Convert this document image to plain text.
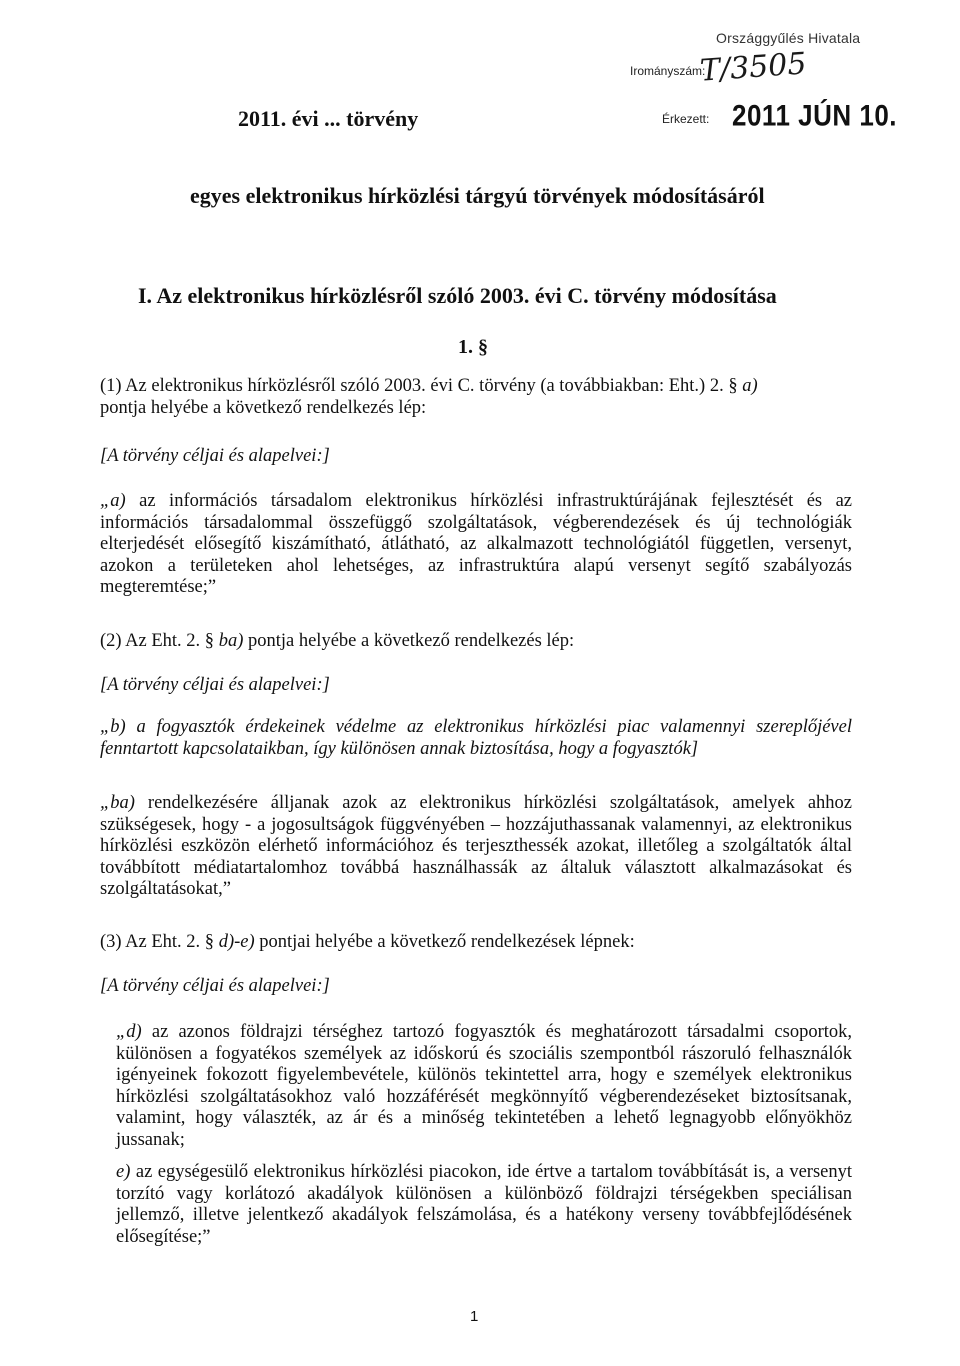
Országgyűlés Hivatala
Irományszám:
T/3505
Érkezett: 2011 JÚN 10.
2011. évi ... törvény
egyes elektronikus hírközlési tárgyú törvények módosításáról
I. Az elektronikus hírközlésről szóló 2003. évi C. törvény módosítása
1. §
(1) Az elektronikus hírközlésről szóló 2003. évi C. törvény (a továbbiakban: Eht.) 2. § a)
pontja helyébe a következő rendelkezés lép:
[A törvény céljai és alapelvei:]
„a) az információs társadalom elektronikus hírközlési infrastruktúrájának fejlesztését és az információs társadalommal összefüggő szolgáltatások, végberendezések és új technológiák elterjedését elősegítő kiszámítható, átlátható, az alkalmazott technológiától független, versenyt, azokon a területeken ahol lehetséges, az infrastruktúra alapú versenyt segítő szabályozás megteremtése;”
(2) Az Eht. 2. § ba) pontja helyébe a következő rendelkezés lép:
[A törvény céljai és alapelvei:]
„b) a fogyasztók érdekeinek védelme az elektronikus hírközlési piac valamennyi szereplőjével fenntartott kapcsolataikban, így különösen annak biztosítása, hogy a fogyasztók]
„ba) rendelkezésére álljanak azok az elektronikus hírközlési szolgáltatások, amelyek ahhoz szükségesek, hogy - a jogosultságok függvényében – hozzájuthassanak valamennyi, az elektronikus hírközlési eszközön elérhető információhoz és terjeszthessék azokat, illetőleg a szolgáltatók által továbbított médiatartalomhoz továbbá használhassák az általuk választott alkalmazásokat és szolgáltatásokat,”
(3) Az Eht. 2. § d)-e) pontjai helyébe a következő rendelkezések lépnek:
[A törvény céljai és alapelvei:]
„d) az azonos földrajzi térséghez tartozó fogyasztók és meghatározott társadalmi csoportok, különösen a fogyatékos személyek az időskorú és szociális szempontból rászoruló felhasználók igényeinek fokozott figyelembevétele, különös tekintettel arra, hogy e személyek elektronikus hírközlési szolgáltatásokhoz való hozzáférését megkönnyítő végberendezéseket biztosítsanak, valamint, hogy választék, az ár és a minőség tekintetében a lehető legnagyobb előnyökhöz jussanak;
e) az egységesülő elektronikus hírközlési piacokon, ide értve a tartalom továbbítását is, a versenyt torzító vagy korlátozó akadályok különösen a különböző földrajzi térségekben speciálisan jellemző, illetve jelentkező akadályok felszámolása, és a hatékony verseny továbbfejlődésének elősegítése;”
1
